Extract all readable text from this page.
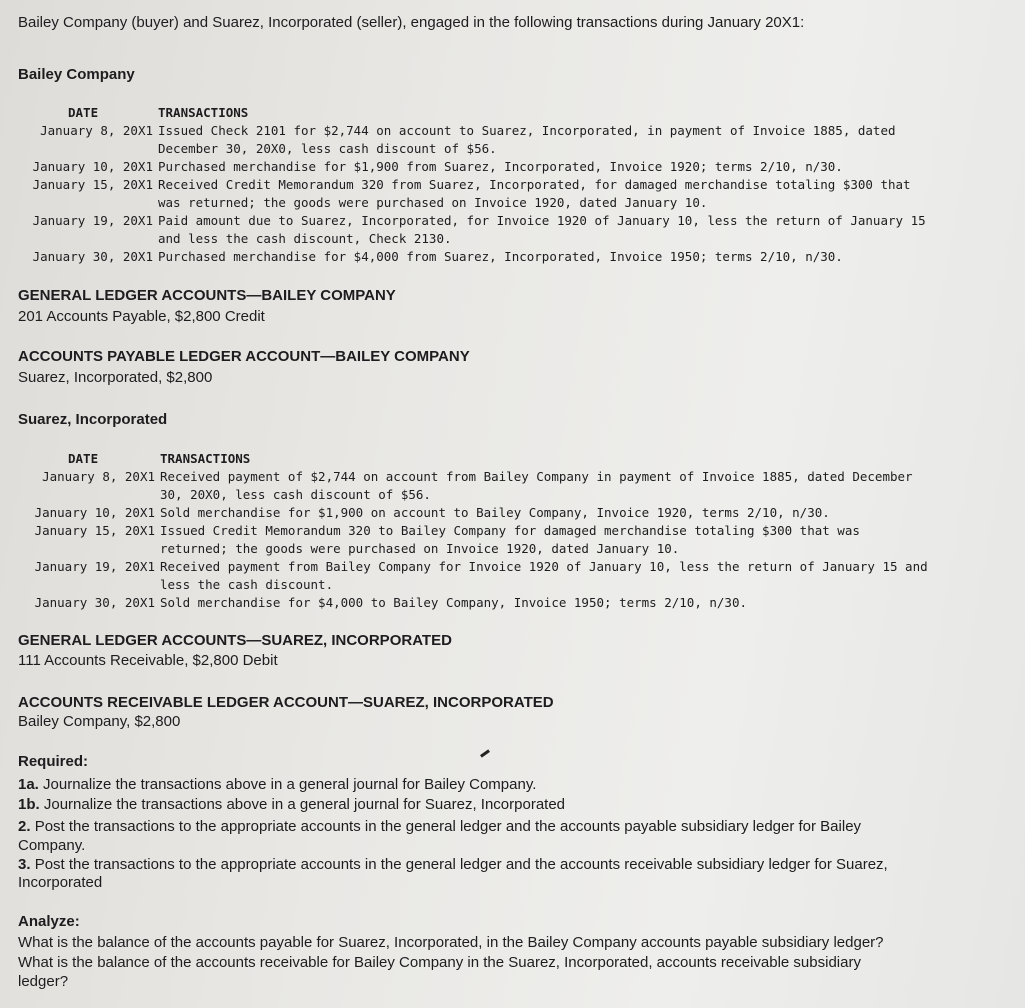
Bailey Company (buyer) and Suarez, Incorporated (seller), engaged in the following transactions during January 20X1:
Bailey Company
DATE	TRANSACTIONS
January 8, 20X1 Issued Check 2101 for $2,744 on account to Suarez, Incorporated, in payment of Invoice 1885, dated
December 30, 20X0, less cash discount of $56.
January 10, 20X1 Purchased merchandise for $1,900 from Suarez, Incorporated, Invoice 1920; terms 2/10, n/30.
January 15, 20X1 Received Credit Memorandum 320 from Suarez, Incorporated, for damaged merchandise totaling $300 that
was returned; the goods were purchased on Invoice 1920, dated January 10.
January 19, 20X1 Paid amount due to Suarez, Incorporated, for Invoice 1920 of January 10, less the return of January 15
and less the cash discount, Check 2130.
January 30, 20X1 Purchased merchandise for $4,000 from Suarez, Incorporated, Invoice 1950; terms 2/10, n/30.
GENERAL LEDGER ACCOUNTS—BAILEY COMPANY
201 Accounts Payable, $2,800 Credit
ACCOUNTS PAYABLE LEDGER ACCOUNT—BAILEY COMPANY
Suarez, Incorporated, $2,800
Suarez, Incorporated
DATE	TRANSACTIONS
January 8, 20X1 Received payment of $2,744 on account from Bailey Company in payment of Invoice 1885, dated December
30, 20X0, less cash discount of $56.
January 10, 20X1 Sold merchandise for $1,900 on account to Bailey Company, Invoice 1920, terms 2/10, n/30.
January 15, 20X1 Issued Credit Memorandum 320 to Bailey Company for damaged merchandise totaling $300 that was
returned; the goods were purchased on Invoice 1920, dated January 10.
January 19, 20X1 Received payment from Bailey Company for Invoice 1920 of January 10, less the return of January 15 and
less the cash discount.
January 30, 20X1 Sold merchandise for $4,000 to Bailey Company, Invoice 1950; terms 2/10, n/30.
GENERAL LEDGER ACCOUNTS—SUAREZ, INCORPORATED
111 Accounts Receivable, $2,800 Debit
ACCOUNTS RECEIVABLE LEDGER ACCOUNT—SUAREZ, INCORPORATED
Bailey Company, $2,800
Required:
1a. Journalize the transactions above in a general journal for Bailey Company.
1b. Journalize the transactions above in a general journal for Suarez, Incorporated
2. Post the transactions to the appropriate accounts in the general ledger and the accounts payable subsidiary ledger for Bailey
Company.
3. Post the transactions to the appropriate accounts in the general ledger and the accounts receivable subsidiary ledger for Suarez,
Incorporated
Analyze:
What is the balance of the accounts payable for Suarez, Incorporated, in the Bailey Company accounts payable subsidiary ledger?
What is the balance of the accounts receivable for Bailey Company in the Suarez, Incorporated, accounts receivable subsidiary
ledger?
